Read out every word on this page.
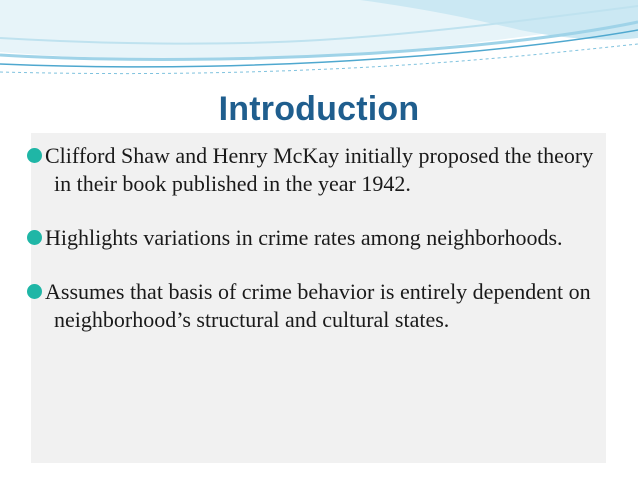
Introduction
Clifford Shaw and Henry McKay initially proposed the theory in their book published in the year 1942.
Highlights variations in crime rates among neighborhoods.
Assumes that basis of crime behavior is entirely dependent on neighborhood’s structural and cultural states.
